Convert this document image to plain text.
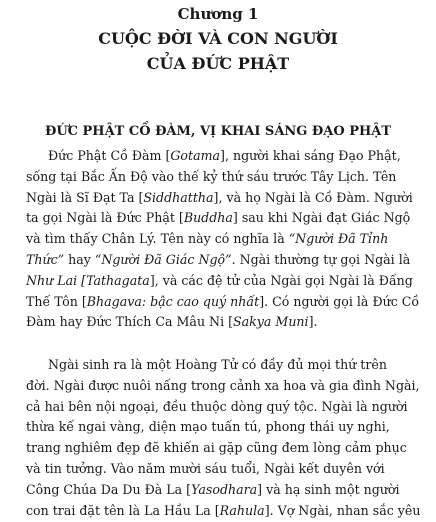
Chương 1
CUỘC ĐỜI VÀ CON NGƯỜI
CỦA ĐỨC PHẬT
ĐỨC PHẬT CỒ ĐÀM, VỊ KHAI SÁNG ĐẠO PHẬT
Đức Phật Cồ Đàm [Gotama], người khai sáng Đạo Phật,
sống tại Bắc Ấn Độ vào thế kỷ thứ sáu trước Tây Lịch. Tên
Ngài là Sĩ Đạt Ta [Siddhattha], và họ Ngài là Cồ Đàm. Người
ta gọi Ngài là Đức Phật [Buddha] sau khi Ngài đạt Giác Ngộ
và tìm thấy Chân Lý. Tên này có nghĩa là “Người Đã Tỉnh
Thức” hay “Người Đã Giác Ngộ”. Ngài thường tự gọi Ngài là
Như Lai [Tathagata], và các đệ tử của Ngài gọi Ngài là Đấng
Thế Tôn [Bhagava: bậc cao quý nhất]. Có người gọi là Đức Cồ
Đàm hay Đức Thích Ca Mâu Ni [Sakya Muni].
Ngài sinh ra là một Hoàng Tử có đầy đủ mọi thứ trên
đời. Ngài được nuôi nấng trong cảnh xa hoa và gia đình Ngài,
cả hai bên nội ngoại, đều thuộc dòng quý tộc. Ngài là người
thừa kế ngai vàng, diện mạo tuấn tú, phong thái uy nghi,
trang nghiêm đẹp đẽ khiến ai gặp cũng đem lòng cảm phục
và tin tưởng. Vào năm mười sáu tuổi, Ngài kết duyên với
Công Chúa Da Du Đà La [Yasodhara] và hạ sinh một người
con trai đặt tên là La Hầu La [Rahula]. Vợ Ngài, nhan sắc yêu
